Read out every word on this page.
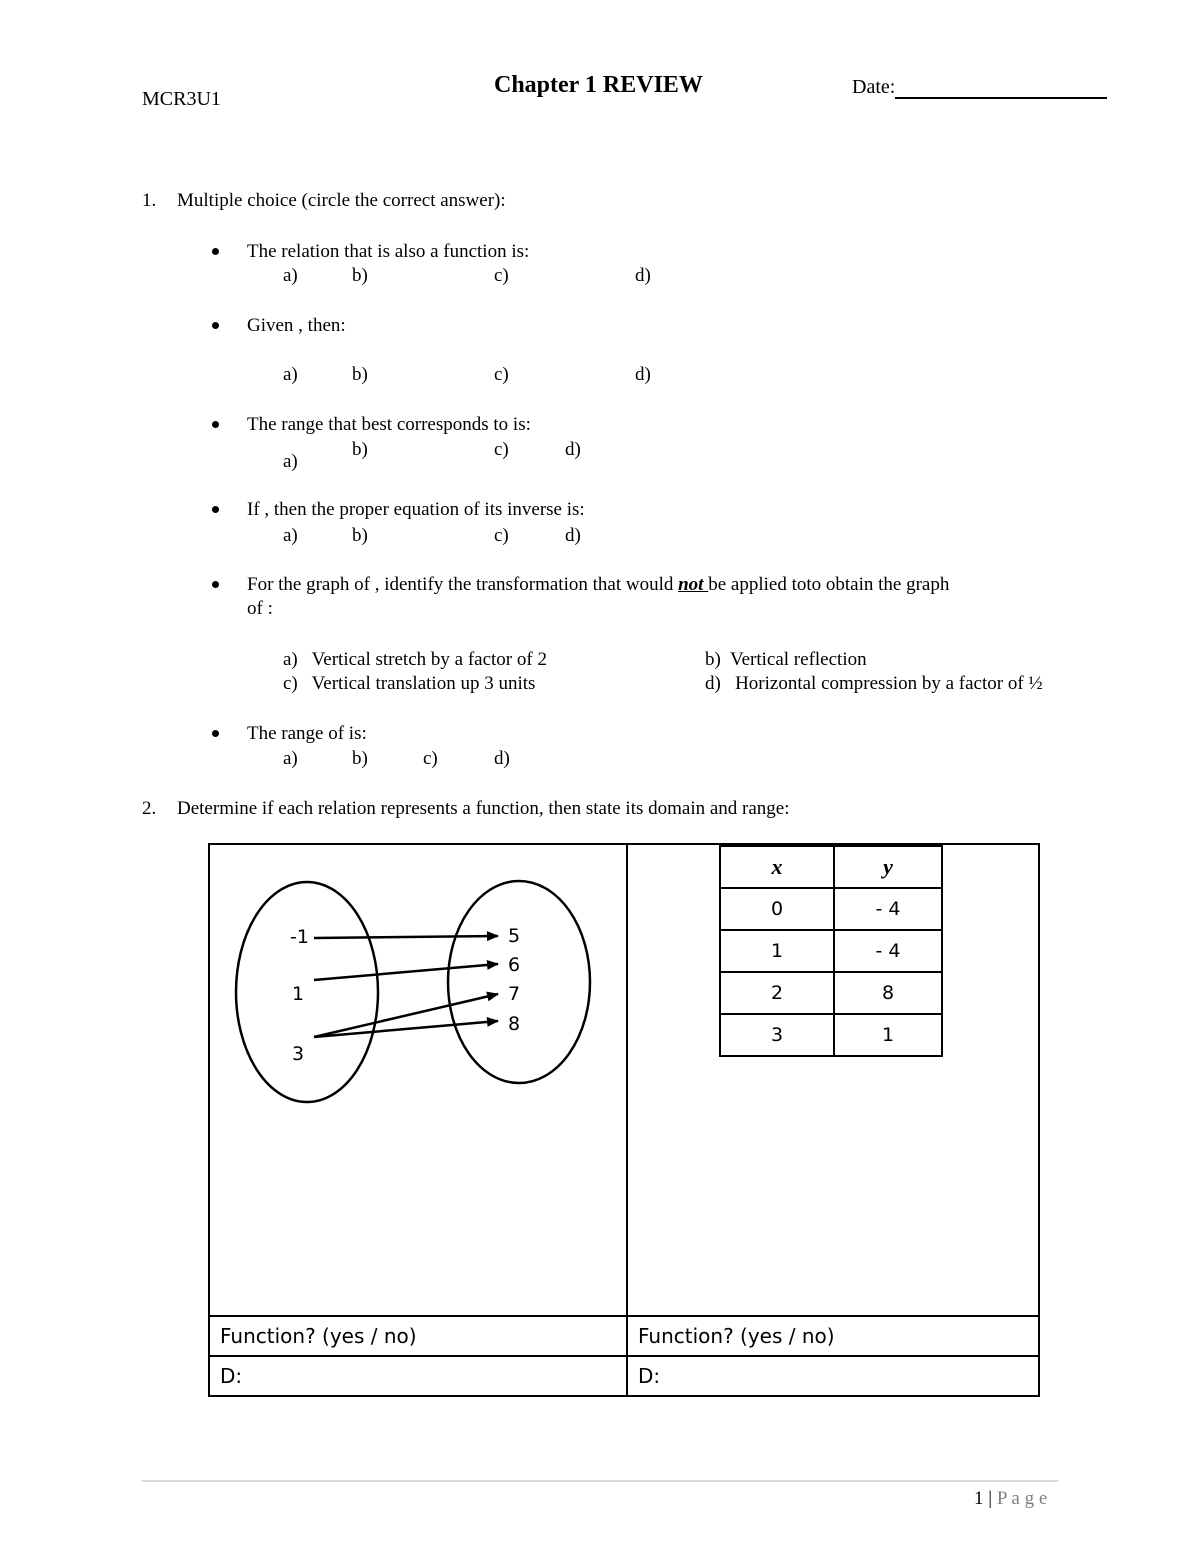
MCR3U1
Chapter 1 REVIEW	Date:
1. Multiple choice (circle the correct answer):
The relation that is also a function is:
a)	b)	c)	d)
Given , then:
a)	b)	c)	d)
The range that best corresponds to is:
a)
b)	c)	d)
If , then the proper equation of its inverse is:
a)	b)	c)	d)
For the graph of , identify the transformation that would not be applied toto obtain the graph
of :
a)   Vertical stretch by a factor of 2	b)  Vertical reflection
c)   Vertical translation up 3 units	d)   Horizontal compression by a factor of ½
The range of is:
a)	b)	c)	d)
2. Determine if each relation represents a function, then state its domain and range:

Function? (yes / no)	Function? (yes / no)
D:	D:
-1
1
3
5
6
7
8
x	y
0	- 4
1	- 4
2	8
3	1
1 | P a g e
